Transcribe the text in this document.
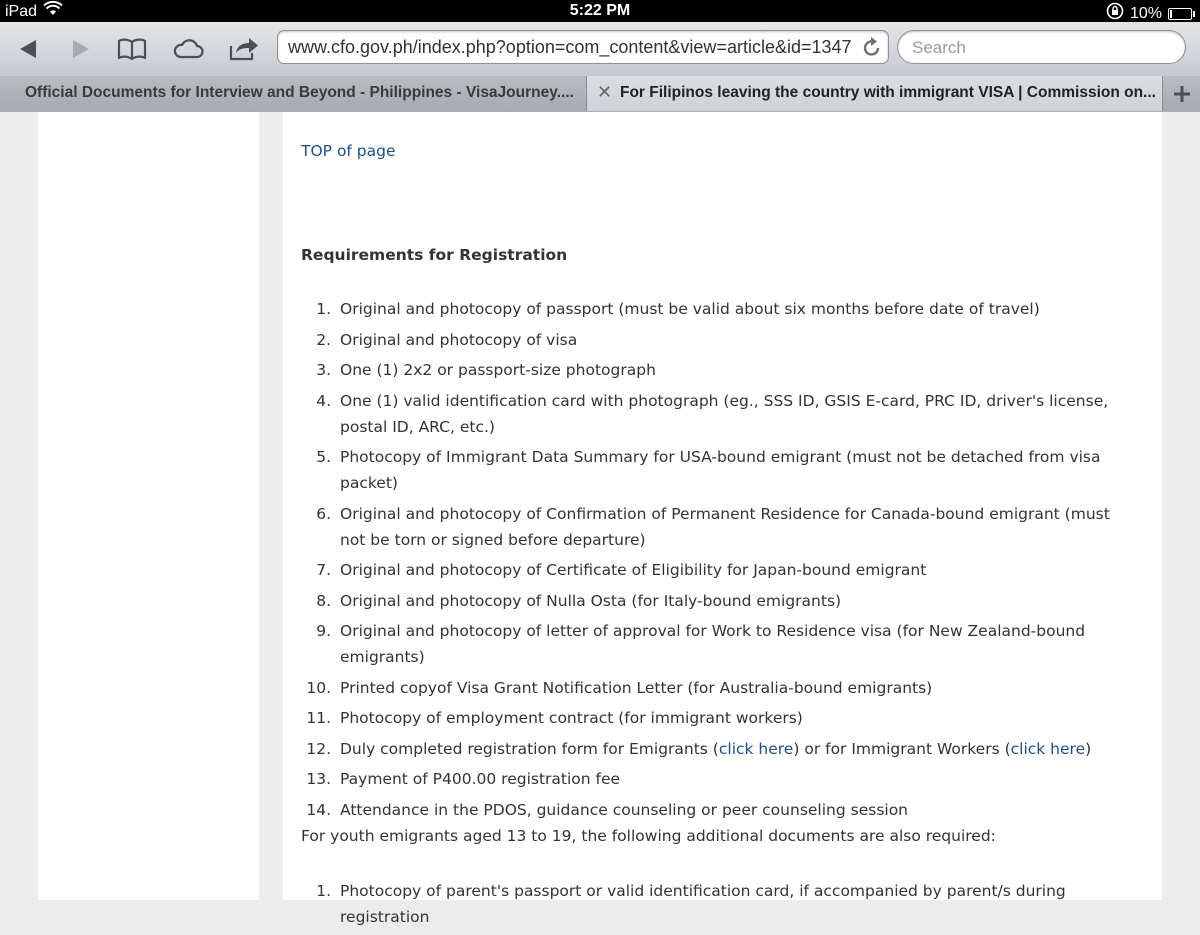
iPad	5:22 PM	10%
www.cfo.gov.ph/index.php?option=com_content&view=article&id=1347
Search
Official Documents for Interview and Beyond - Philippines - VisaJourney.... ✕ For Filipinos leaving the country with immigrant VISA | Commission on...
TOP of page
Requirements for Registration
1. Original and photocopy of passport (must be valid about six months before date of travel)
2. Original and photocopy of visa
3. One (1) 2x2 or passport-size photograph
4. One (1) valid identification card with photograph (eg., SSS ID, GSIS E-card, PRC ID, driver's license, postal ID, ARC, etc.)
5. Photocopy of Immigrant Data Summary for USA-bound emigrant (must not be detached from visa packet)
6. Original and photocopy of Confirmation of Permanent Residence for Canada-bound emigrant (must not be torn or signed before departure)
7. Original and photocopy of Certificate of Eligibility for Japan-bound emigrant
8. Original and photocopy of Nulla Osta (for Italy-bound emigrants)
9. Original and photocopy of letter of approval for Work to Residence visa (for New Zealand-bound emigrants)
10. Printed copyof Visa Grant Notification Letter (for Australia-bound emigrants)
11. Photocopy of employment contract (for immigrant workers)
12. Duly completed registration form for Emigrants (click here) or for Immigrant Workers (click here)
13. Payment of P400.00 registration fee
14. Attendance in the PDOS, guidance counseling or peer counseling session
For youth emigrants aged 13 to 19, the following additional documents are also required:
1. Photocopy of parent's passport or valid identification card, if accompanied by parent/s during registration
